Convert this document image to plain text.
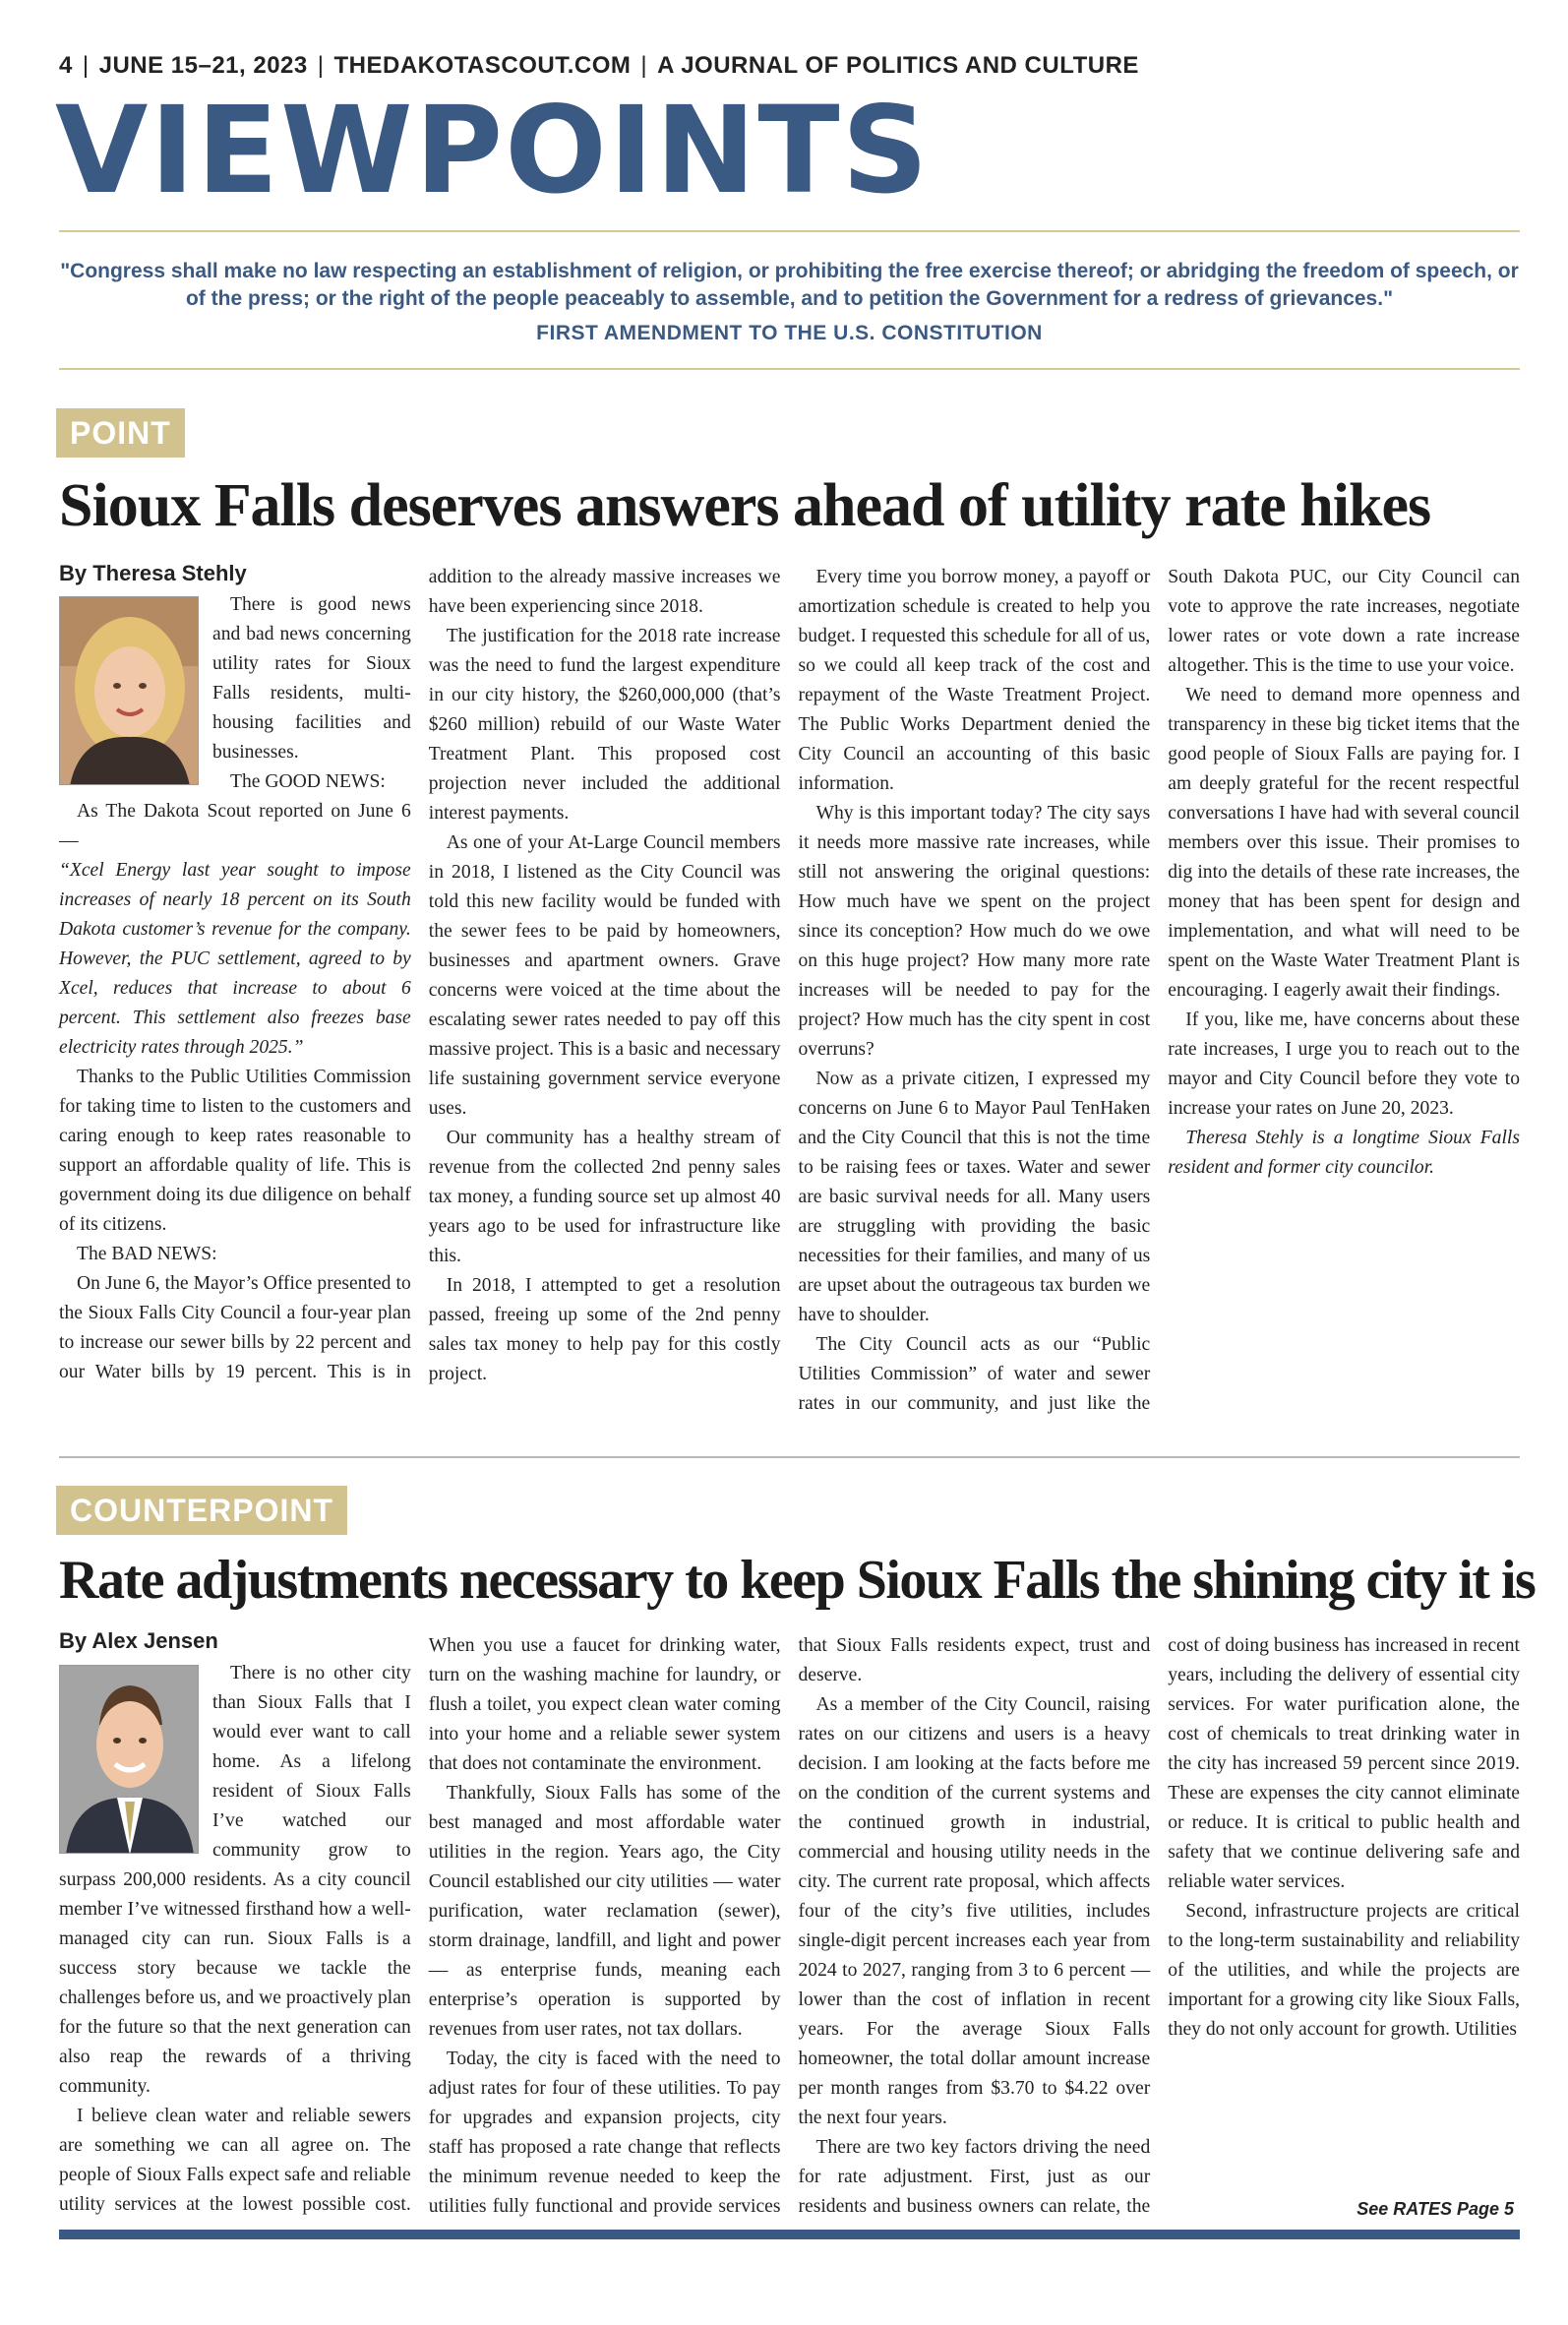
4 | JUNE 15–21, 2023 | THEDAKOTASCOUT.COM | A JOURNAL OF POLITICS AND CULTURE
VIEWPOINTS
"Congress shall make no law respecting an establishment of religion, or prohibiting the free exercise thereof; or abridging the freedom of speech, or of the press; or the right of the people peaceably to assemble, and to petition the Government for a redress of grievances."
FIRST AMENDMENT TO THE U.S. CONSTITUTION
POINT
Sioux Falls deserves answers ahead of utility rate hikes
By Theresa Stehly

There is good news and bad news concerning utility rates for Sioux Falls residents, multi-housing facilities and businesses.

The GOOD NEWS:

As The Dakota Scout reported on June 6 —

“Xcel Energy last year sought to impose increases of nearly 18 percent on its South Dakota customer’s revenue for the company. However, the PUC settlement, agreed to by Xcel, reduces that increase to about 6 percent. This settlement also freezes base electricity rates through 2025.”

Thanks to the Public Utilities Commission for taking time to listen to the customers and caring enough to keep rates reasonable to support an affordable quality of life. This is government doing its due diligence on behalf of its citizens.

The BAD NEWS:

On June 6, the Mayor’s Office presented to the Sioux Falls City Council a four-year plan to increase our sewer bills by 22 percent and our Water bills by 19 percent. This is in addition to the already massive increases we have been experiencing since 2018.

The justification for the 2018 rate increase was the need to fund the largest expenditure in our city history, the $260,000,000 (that’s $260 million) rebuild of our Waste Water Treatment Plant. This proposed cost projection never included the additional interest payments.

As one of your At-Large Council members in 2018, I listened as the City Council was told this new facility would be funded with the sewer fees to be paid by homeowners, businesses and apartment owners. Grave concerns were voiced at the time about the escalating sewer rates needed to pay off this massive project. This is a basic and necessary life sustaining government service everyone uses.

Our community has a healthy stream of revenue from the collected 2nd penny sales tax money, a funding source set up almost 40 years ago to be used for infrastructure like this.

In 2018, I attempted to get a resolution passed, freeing up some of the 2nd penny sales tax money to help pay for this costly project.

Every time you borrow money, a payoff or amortization schedule is created to help you budget. I requested this schedule for all of us, so we could all keep track of the cost and repayment of the Waste Treatment Project. The Public Works Department denied the City Council an accounting of this basic information.

Why is this important today? The city says it needs more massive rate increases, while still not answering the original questions: How much have we spent on the project since its conception? How much do we owe on this huge project? How many more rate increases will be needed to pay for the project? How much has the city spent in cost overruns?

Now as a private citizen, I expressed my concerns on June 6 to Mayor Paul TenHaken and the City Council that this is not the time to be raising fees or taxes. Water and sewer are basic survival needs for all. Many users are struggling with providing the basic necessities for their families, and many of us are upset about the outrageous tax burden we have to shoulder.

The City Council acts as our “Public Utilities Commission” of water and sewer rates in our community, and just like the South Dakota PUC, our City Council can vote to approve the rate increases, negotiate lower rates or vote down a rate increase altogether. This is the time to use your voice.

We need to demand more openness and transparency in these big ticket items that the good people of Sioux Falls are paying for. I am deeply grateful for the recent respectful conversations I have had with several council members over this issue. Their promises to dig into the details of these rate increases, the money that has been spent for design and implementation, and what will need to be spent on the Waste Water Treatment Plant is encouraging. I eagerly await their findings.

If you, like me, have concerns about these rate increases, I urge you to reach out to the mayor and City Council before they vote to increase your rates on June 20, 2023.

Theresa Stehly is a longtime Sioux Falls resident and former city councilor.

COUNTERPOINT
Rate adjustments necessary to keep Sioux Falls the shining city it is
By Alex Jensen

There is no other city than Sioux Falls that I would ever want to call home. As a lifelong resident of Sioux Falls I’ve watched our community grow to surpass 200,000 residents. As a city council member I’ve witnessed firsthand how a well-managed city can run. Sioux Falls is a success story because we tackle the challenges before us, and we proactively plan for the future so that the next generation can also reap the rewards of a thriving community.

I believe clean water and reliable sewers are something we can all agree on. The people of Sioux Falls expect safe and reliable utility services at the lowest possible cost. When you use a faucet for drinking water, turn on the washing machine for laundry, or flush a toilet, you expect clean water coming into your home and a reliable sewer system that does not contaminate the environment.

Thankfully, Sioux Falls has some of the best managed and most affordable water utilities in the region. Years ago, the City Council established our city utilities — water purification, water reclamation (sewer), storm drainage, landfill, and light and power — as enterprise funds, meaning each enterprise’s operation is supported by revenues from user rates, not tax dollars.

Today, the city is faced with the need to adjust rates for four of these utilities. To pay for upgrades and expansion projects, city staff has proposed a rate change that reflects the minimum revenue needed to keep the utilities fully functional and provide services that Sioux Falls residents expect, trust and deserve.

As a member of the City Council, raising rates on our citizens and users is a heavy decision. I am looking at the facts before me on the condition of the current systems and the continued growth in industrial, commercial and housing utility needs in the city. The current rate proposal, which affects four of the city’s five utilities, includes single-digit percent increases each year from 2024 to 2027, ranging from 3 to 6 percent — lower than the cost of inflation in recent years. For the average Sioux Falls homeowner, the total dollar amount increase per month ranges from $3.70 to $4.22 over the next four years.

There are two key factors driving the need for rate adjustment. First, just as our residents and business owners can relate, the cost of doing business has increased in recent years, including the delivery of essential city services. For water purification alone, the cost of chemicals to treat drinking water in the city has increased 59 percent since 2019. These are expenses the city cannot eliminate or reduce. It is critical to public health and safety that we continue delivering safe and reliable water services.

Second, infrastructure projects are critical to the long-term sustainability and reliability of the utilities, and while the projects are important for a growing city like Sioux Falls, they do not only account for growth. Utilities

See RATES Page 5
